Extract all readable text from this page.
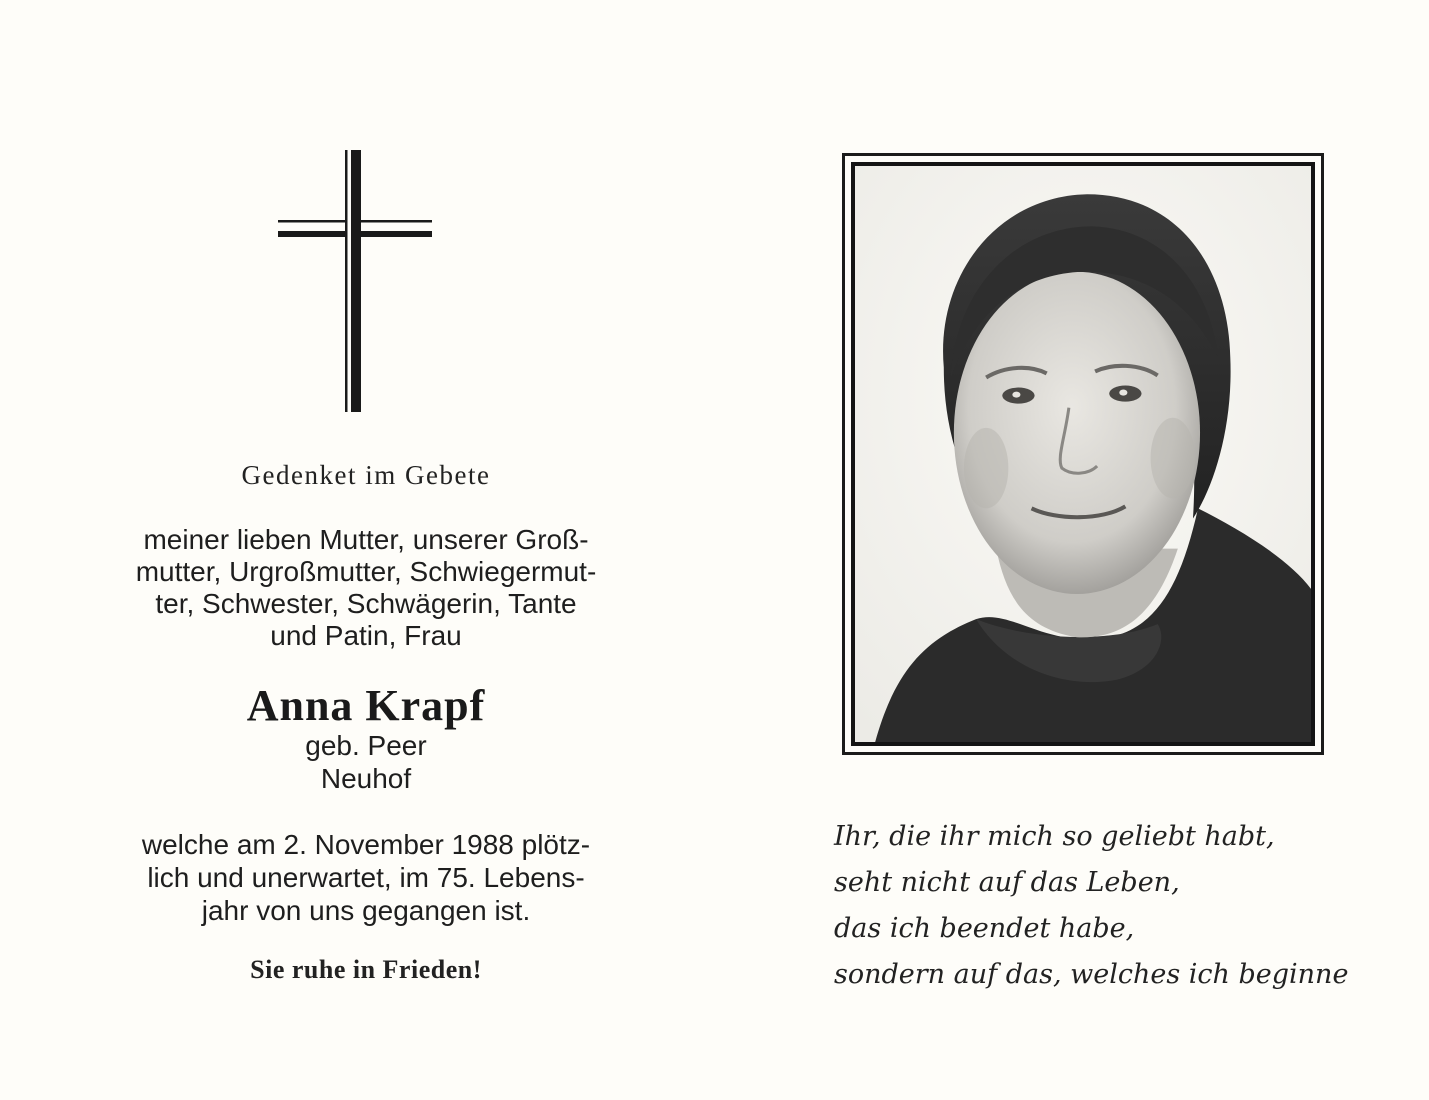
Gedenket im Gebete
meiner lieben Mutter, unserer Groß-
mutter, Urgroßmutter, Schwiegermut-
ter, Schwester, Schwägerin, Tante
und Patin, Frau
Anna Krapf
geb. Peer
Neuhof
welche am 2. November 1988 plötz-
lich und unerwartet, im 75. Lebens-
jahr von uns gegangen ist.
Sie ruhe in Frieden!
Ihr, die ihr mich so geliebt habt,
seht nicht auf das Leben,
das ich beendet habe,
sondern auf das, welches ich beginne
